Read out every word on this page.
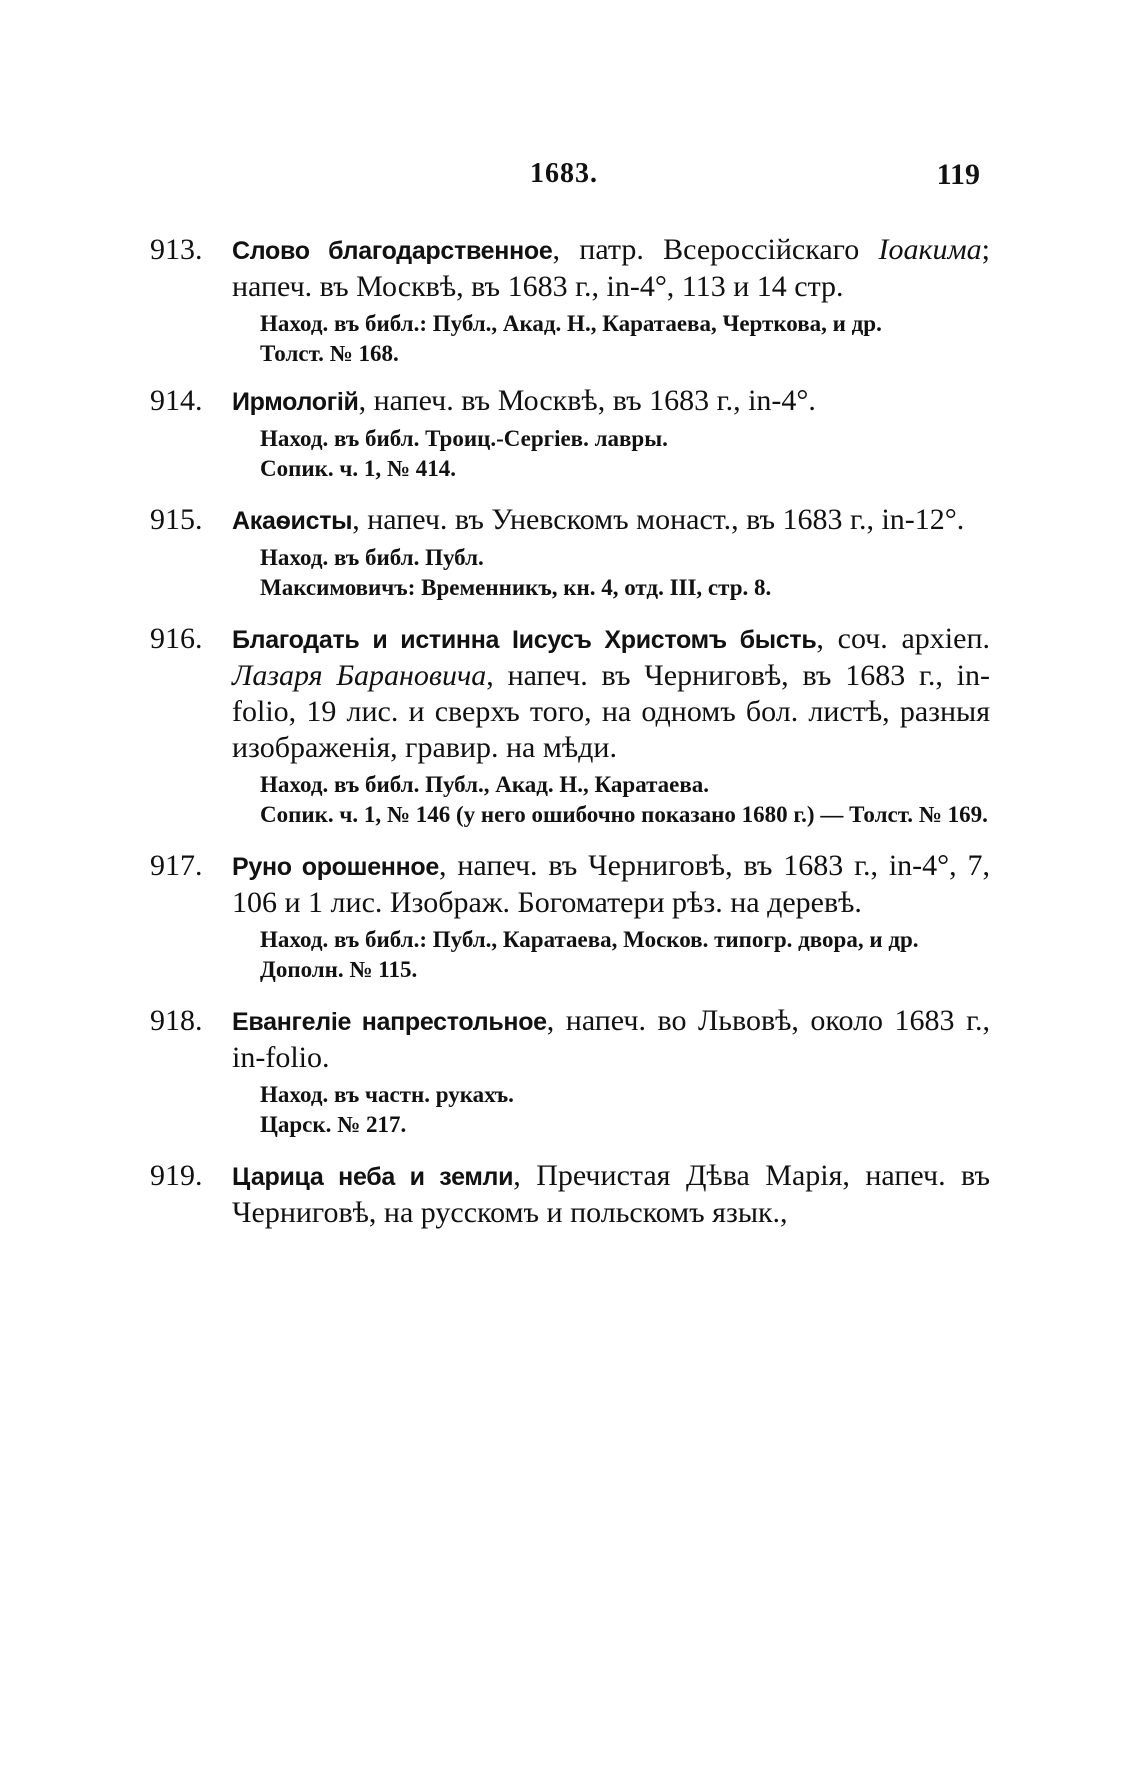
1683.	119
913.	Слово благодарственное, патр. Всероссійскаго Іоакима; напеч. въ Москвѣ, въ 1683 г., in-4°, 113 и 14 стр.
Наход. въ библ.: Публ., Акад. Н., Каратаева, Черткова, и др.
Толст. № 168.
914.	Ирмологій, напеч. въ Москвѣ, въ 1683 г., in-4°.
Наход. въ библ. Троиц.-Сергіев. лавры.
Сопик. ч. 1, № 414.
915.	Акаѳисты, напеч. въ Уневскомъ монаст., въ 1683 г., in-12°.
Наход. въ библ. Публ.
Максимовичъ: Временникъ, кн. 4, отд. III, стр. 8.
916.	Благодать и истинна Іисусъ Христомъ бысть, соч. архіеп. Лазаря Барановича, напеч. въ Черниговѣ, въ 1683 г., in-folio, 19 лис. и сверхъ того, на одномъ бол. листѣ, разныя изображенія, гравир. на мѣди.
Наход. въ библ. Публ., Акад. Н., Каратаева.
Сопик. ч. 1, № 146 (у него ошибочно показано 1680 г.) — Толст. № 169.
917.	Руно орошенное, напеч. въ Черниговѣ, въ 1683 г., in-4°, 7, 106 и 1 лис. Изображ. Богоматери рѣз. на деревѣ.
Наход. въ библ.: Публ., Каратаева, Москов. типогр. двора, и др.
Дополн. № 115.
918.	Евангеліе напрестольное, напеч. во Львовѣ, около 1683 г., in-folio.
Наход. въ частн. рукахъ.
Царск. № 217.
919.	Царица неба и земли, Пречистая Дѣва Марія, напеч. въ Черниговѣ, на русскомъ и польскомъ язык.,
